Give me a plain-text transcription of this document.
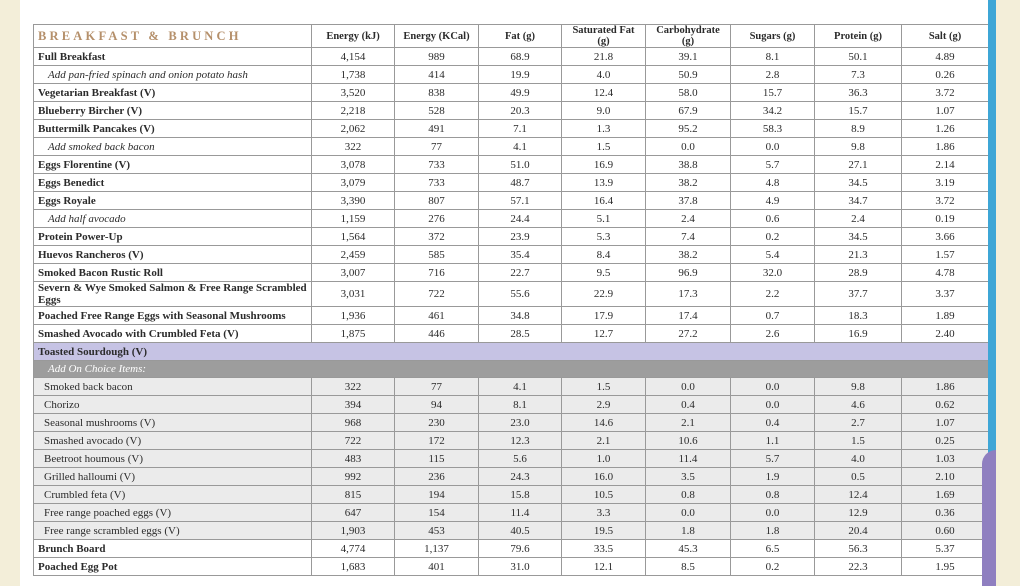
BREAKFAST & BRUNCH	Energy (kJ)	Energy (KCal)	Fat (g)	Saturated Fat (g)	Carbohydrate (g)	Sugars (g)	Protein (g)	Salt (g)
Full Breakfast	4,154	989	68.9	21.8	39.1	8.1	50.1	4.89
Add pan-fried spinach and onion potato hash	1,738	414	19.9	4.0	50.9	2.8	7.3	0.26
Vegetarian Breakfast (V)	3,520	838	49.9	12.4	58.0	15.7	36.3	3.72
Blueberry Bircher (V)	2,218	528	20.3	9.0	67.9	34.2	15.7	1.07
Buttermilk Pancakes (V)	2,062	491	7.1	1.3	95.2	58.3	8.9	1.26
Add smoked back bacon	322	77	4.1	1.5	0.0	0.0	9.8	1.86
Eggs Florentine (V)	3,078	733	51.0	16.9	38.8	5.7	27.1	2.14
Eggs Benedict	3,079	733	48.7	13.9	38.2	4.8	34.5	3.19
Eggs Royale	3,390	807	57.1	16.4	37.8	4.9	34.7	3.72
Add half avocado	1,159	276	24.4	5.1	2.4	0.6	2.4	0.19
Protein Power-Up	1,564	372	23.9	5.3	7.4	0.2	34.5	3.66
Huevos Rancheros (V)	2,459	585	35.4	8.4	38.2	5.4	21.3	1.57
Smoked Bacon Rustic Roll	3,007	716	22.7	9.5	96.9	32.0	28.9	4.78
Severn & Wye Smoked Salmon & Free Range Scrambled Eggs	3,031	722	55.6	22.9	17.3	2.2	37.7	3.37
Poached Free Range Eggs with Seasonal Mushrooms	1,936	461	34.8	17.9	17.4	0.7	18.3	1.89
Smashed Avocado with Crumbled Feta (V)	1,875	446	28.5	12.7	27.2	2.6	16.9	2.40
Toasted Sourdough (V)								
Add On Choice Items:								
Smoked back bacon	322	77	4.1	1.5	0.0	0.0	9.8	1.86
Chorizo	394	94	8.1	2.9	0.4	0.0	4.6	0.62
Seasonal mushrooms (V)	968	230	23.0	14.6	2.1	0.4	2.7	1.07
Smashed avocado (V)	722	172	12.3	2.1	10.6	1.1	1.5	0.25
Beetroot houmous (V)	483	115	5.6	1.0	11.4	5.7	4.0	1.03
Grilled halloumi (V)	992	236	24.3	16.0	3.5	1.9	0.5	2.10
Crumbled feta (V)	815	194	15.8	10.5	0.8	0.8	12.4	1.69
Free range poached eggs (V)	647	154	11.4	3.3	0.0	0.0	12.9	0.36
Free range scrambled eggs (V)	1,903	453	40.5	19.5	1.8	1.8	20.4	0.60
Brunch Board	4,774	1,137	79.6	33.5	45.3	6.5	56.3	5.37
Poached Egg Pot	1,683	401	31.0	12.1	8.5	0.2	22.3	1.95
